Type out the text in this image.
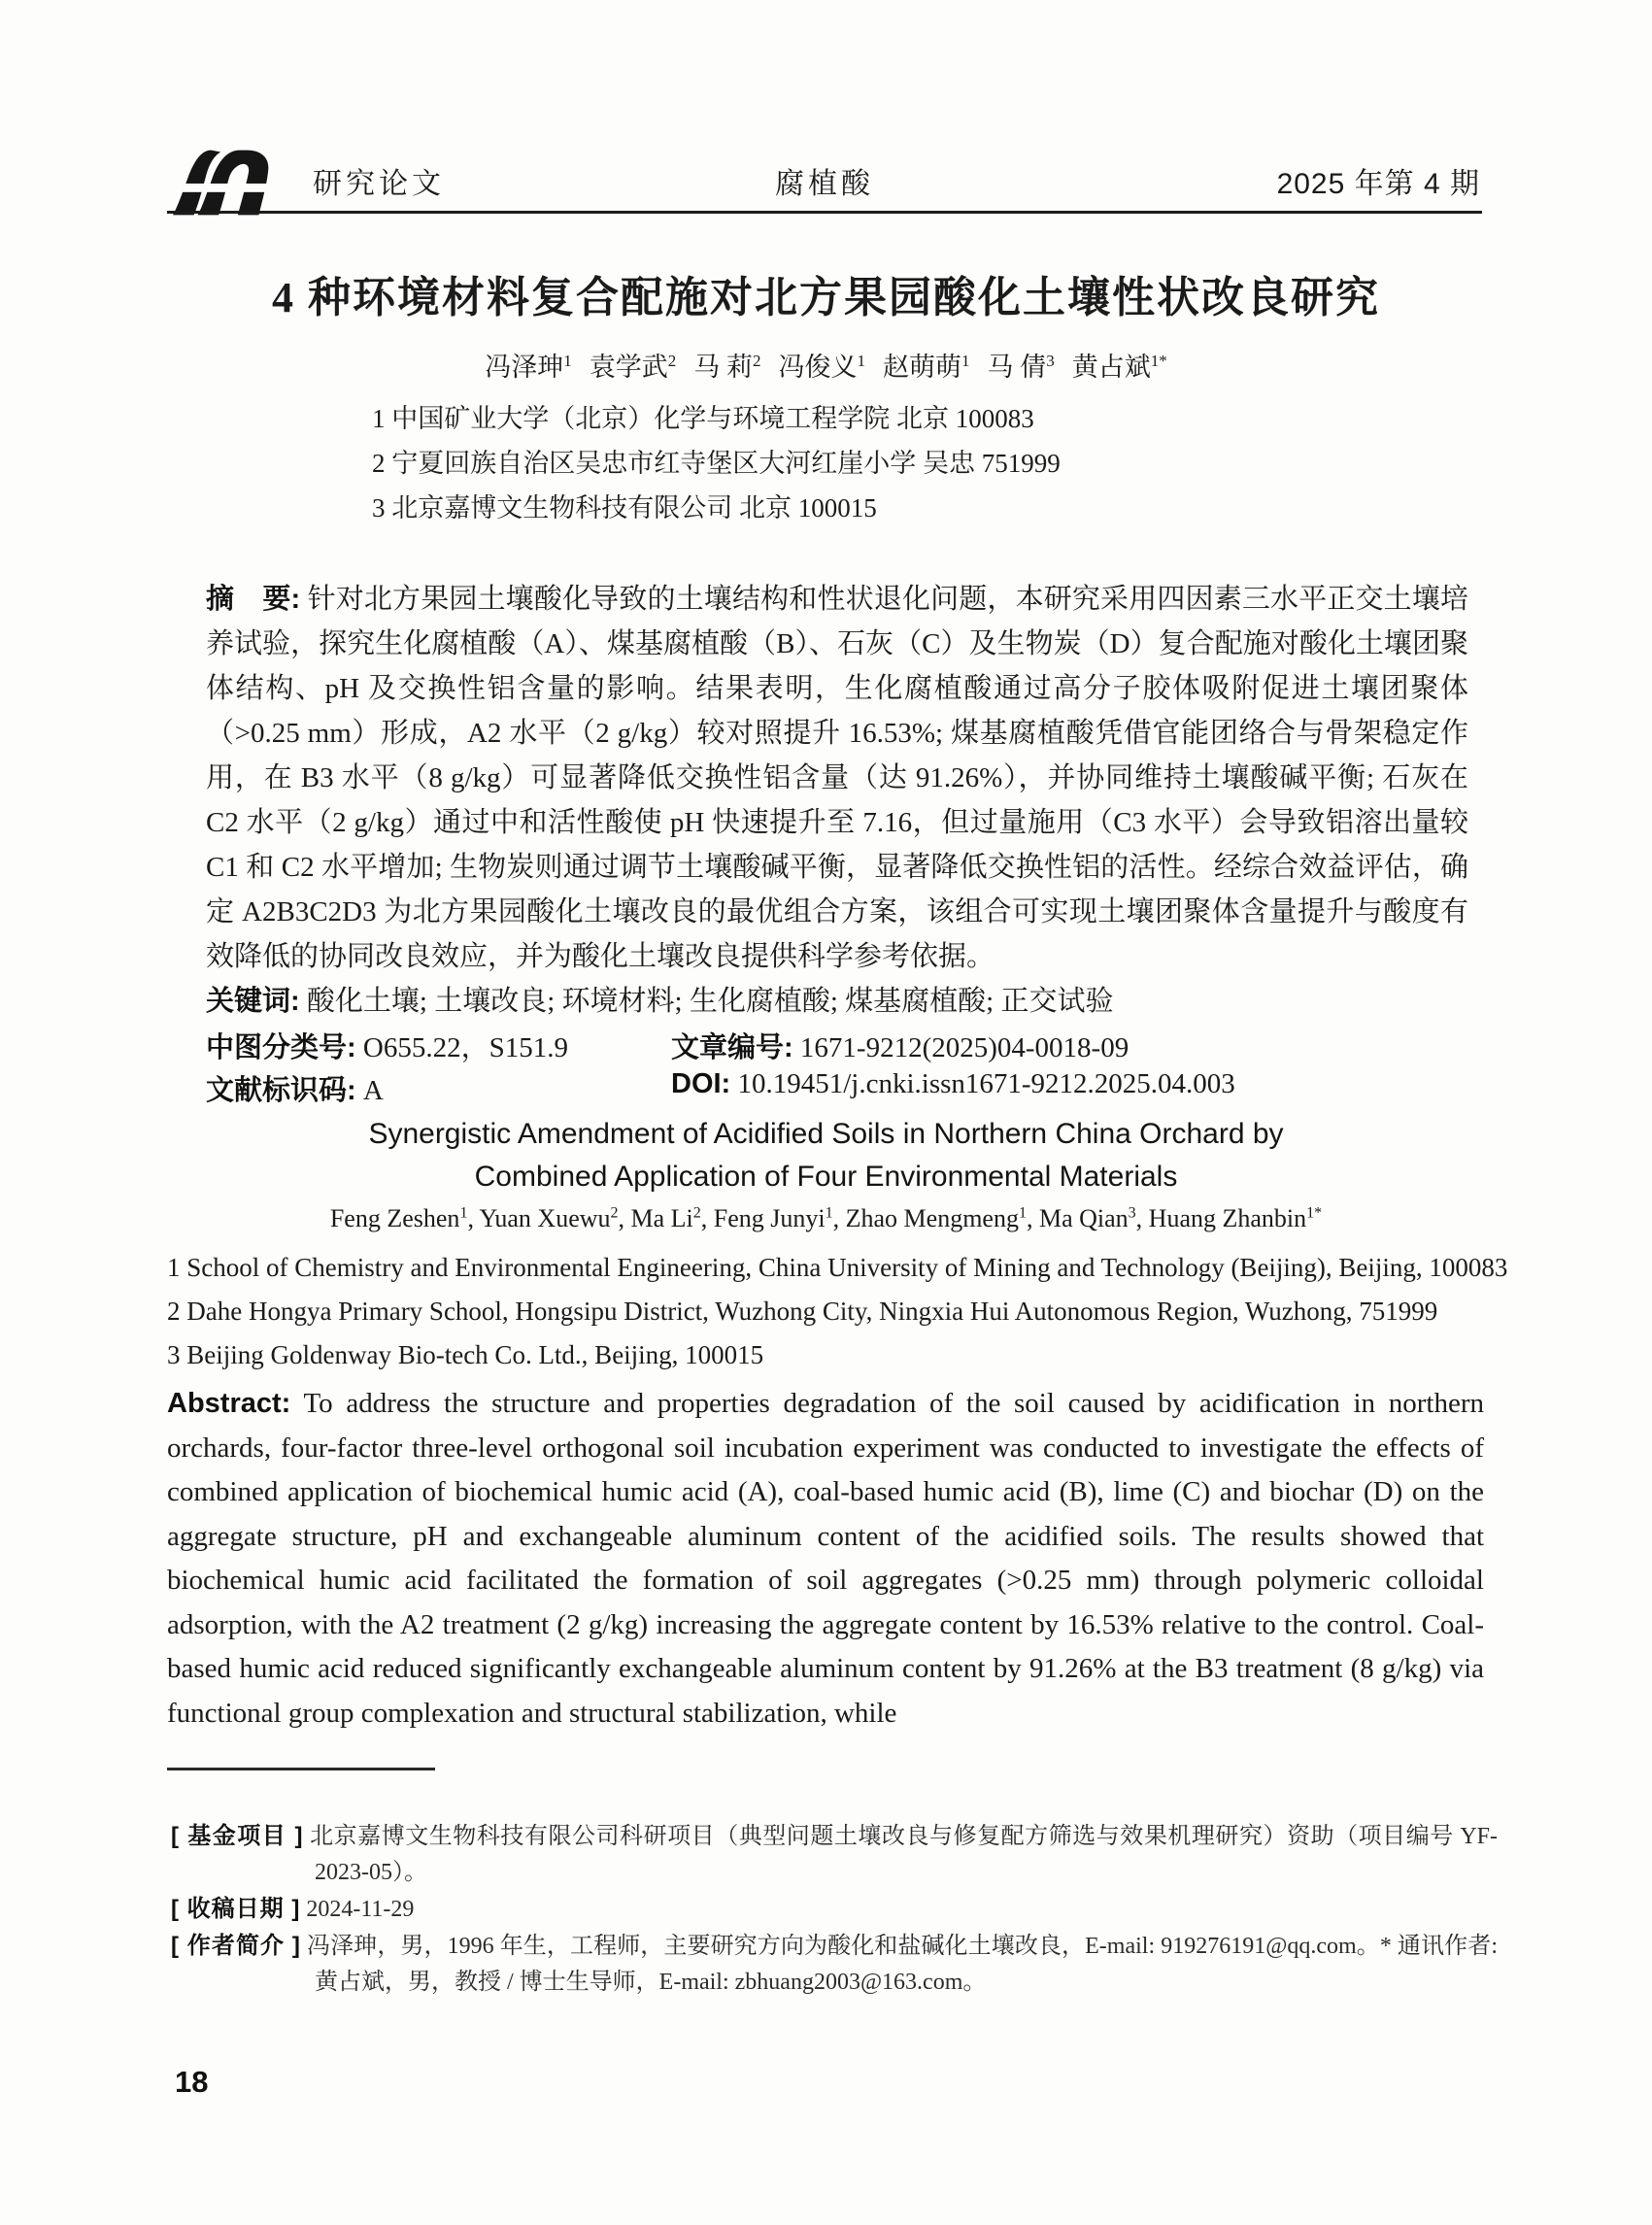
研究论文	腐植酸	2025 年第 4 期
4 种环境材料复合配施对北方果园酸化土壤性状改良研究
冯泽珅$^1$ 袁学武$^2$ 马 莉$^2$ 冯俊义$^1$ 赵萌萌$^1$ 马 倩$^3$ 黄占斌$^{1*}$
1 中国矿业大学（北京）化学与环境工程学院 北京 100083
2 宁夏回族自治区吴忠市红寺堡区大河红崖小学 吴忠 751999
3 北京嘉博文生物科技有限公司 北京 100015

摘　要: 针对北方果园土壤酸化导致的土壤结构和性状退化问题，本研究采用四因素三水平正交土壤培养试验，探究生化腐植酸（A）、煤基腐植酸（B）、石灰（C）及生物炭（D）复合配施对酸化土壤团聚体结构、pH 及交换性铝含量的影响。结果表明，生化腐植酸通过高分子胶体吸附促进土壤团聚体（>0.25 mm）形成，A2 水平（2 g/kg）较对照提升 16.53%; 煤基腐植酸凭借官能团络合与骨架稳定作用，在 B3 水平（8 g/kg）可显著降低交换性铝含量（达 91.26%），并协同维持土壤酸碱平衡; 石灰在 C2 水平（2 g/kg）通过中和活性酸使 pH 快速提升至 7.16，但过量施用（C3 水平）会导致铝溶出量较 C1 和 C2 水平增加; 生物炭则通过调节土壤酸碱平衡，显著降低交换性铝的活性。经综合效益评估，确定 A2B3C2D3 为北方果园酸化土壤改良的最优组合方案，该组合可实现土壤团聚体含量提升与酸度有效降低的协同改良效应，并为酸化土壤改良提供科学参考依据。

关键词: 酸化土壤; 土壤改良; 环境材料; 生化腐植酸; 煤基腐植酸; 正交试验

中图分类号: O655.22，S151.9	文章编号: 1671-9212(2025)04-0018-09
文献标识码: A	DOI: 10.19451/j.cnki.issn1671-9212.2025.04.003
Synergistic Amendment of Acidified Soils in Northern China Orchard by
Combined Application of Four Environmental Materials
Feng Zeshen$^1$, Yuan Xuewu$^2$, Ma Li$^2$, Feng Junyi$^1$, Zhao Mengmeng$^1$, Ma Qian$^3$, Huang Zhanbin$^{1*}$
1 School of Chemistry and Environmental Engineering, China University of Mining and Technology (Beijing), Beijing, 100083
2 Dahe Hongya Primary School, Hongsipu District, Wuzhong City, Ningxia Hui Autonomous Region, Wuzhong, 751999
3 Beijing Goldenway Bio-tech Co. Ltd., Beijing, 100015

Abstract: To address the structure and properties degradation of the soil caused by acidification in northern orchards, four-factor three-level orthogonal soil incubation experiment was conducted to investigate the effects of combined application of biochemical humic acid (A), coal-based humic acid (B), lime (C) and biochar (D) on the aggregate structure, pH and exchangeable aluminum content of the acidified soils. The results showed that biochemical humic acid facilitated the formation of soil aggregates (>0.25 mm) through polymeric colloidal adsorption, with the A2 treatment (2 g/kg) increasing the aggregate content by 16.53% relative to the control. Coal-based humic acid reduced significantly exchangeable aluminum content by 91.26% at the B3 treatment (8 g/kg) via functional group complexation and structural stabilization, while

[ 基金项目 ] 北京嘉博文生物科技有限公司科研项目（典型问题土壤改良与修复配方筛选与效果机理研究）资助（项目编号 YF-2023-05）。
[ 收稿日期 ] 2024-11-29
[ 作者简介 ] 冯泽珅，男，1996 年生，工程师，主要研究方向为酸化和盐碱化土壤改良，E-mail: 919276191@qq.com。* 通讯作者: 黄占斌，男，教授 / 博士生导师，E-mail: zbhuang2003@163.com。
18
